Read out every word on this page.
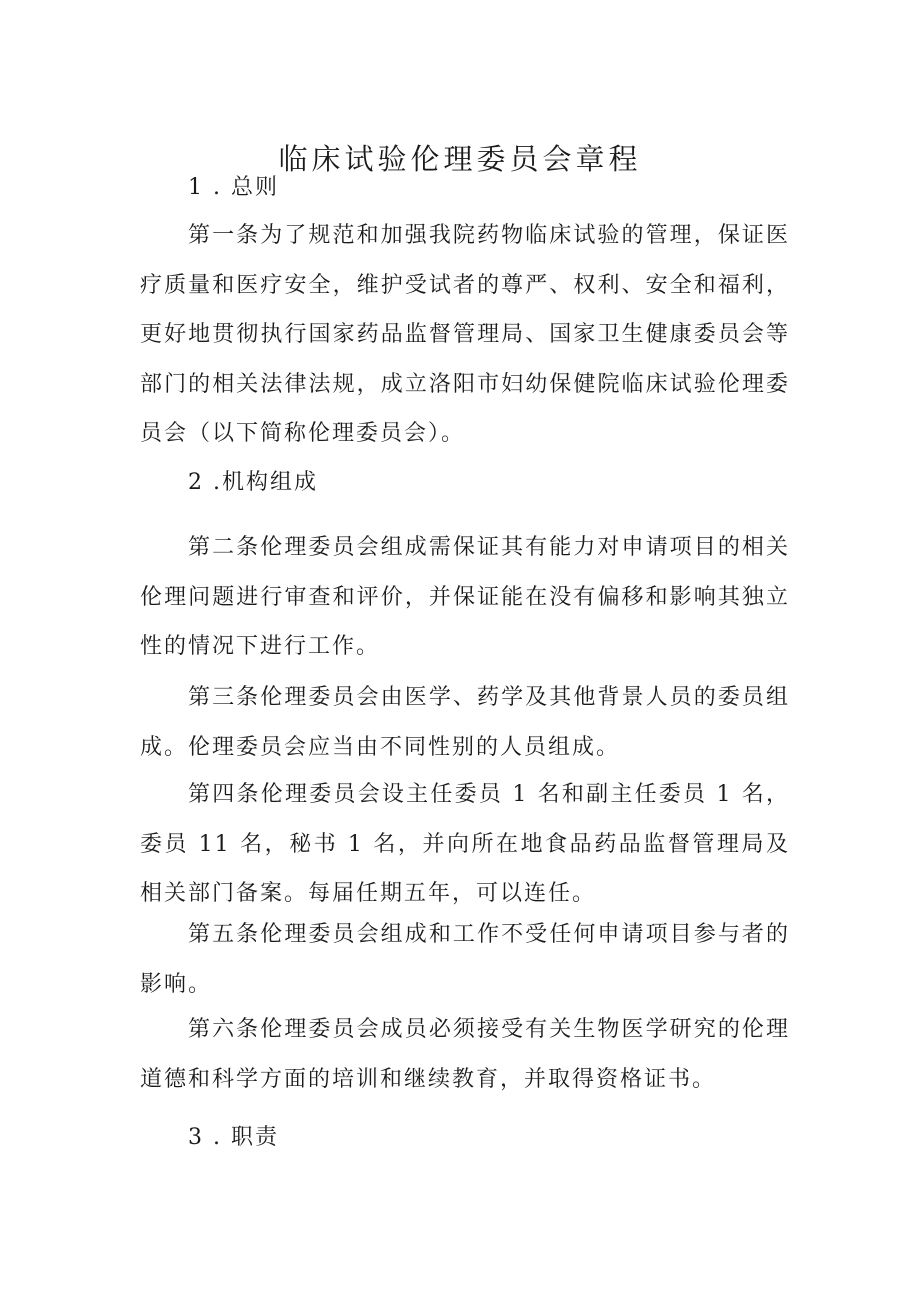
临床试验伦理委员会章程
1 . 总则

第一条为了规范和加强我院药物临床试验的管理，保证医疗质量和医疗安全，维护受试者的尊严、权利、安全和福利，更好地贯彻执行国家药品监督管理局、国家卫生健康委员会等部门的相关法律法规，成立洛阳市妇幼保健院临床试验伦理委员会（以下简称伦理委员会）。

2 .机构组成

第二条伦理委员会组成需保证其有能力对申请项目的相关伦理问题进行审查和评价，并保证能在没有偏移和影响其独立性的情况下进行工作。

第三条伦理委员会由医学、药学及其他背景人员的委员组成。伦理委员会应当由不同性别的人员组成。

第四条伦理委员会设主任委员 1 名和副主任委员 1 名，委员 11 名，秘书 1 名，并向所在地食品药品监督管理局及相关部门备案。每届任期五年，可以连任。

第五条伦理委员会组成和工作不受任何申请项目参与者的影响。

第六条伦理委员会成员必须接受有关生物医学研究的伦理道德和科学方面的培训和继续教育，并取得资格证书。

3 . 职责
